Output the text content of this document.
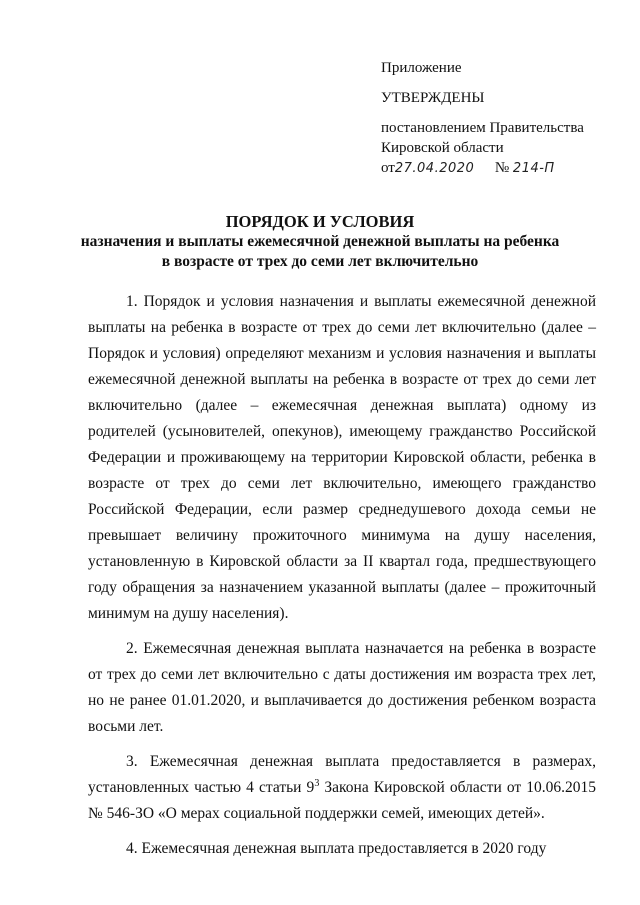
Приложение
УТВЕРЖДЕНЫ
постановлением Правительства
Кировской области
от27.04.2020 № 214-П
ПОРЯДОК И УСЛОВИЯ
назначения и выплаты ежемесячной денежной выплаты на ребенка
в возрасте от трех до семи лет включительно

1. Порядок и условия назначения и выплаты ежемесячной денежной выплаты на ребенка в возрасте от трех до семи лет включительно (далее – Порядок и условия) определяют механизм и условия назначения и выплаты ежемесячной денежной выплаты на ребенка в возрасте от трех до семи лет включительно (далее – ежемесячная денежная выплата) одному из родителей (усыновителей, опекунов), имеющему гражданство Российской Федерации и проживающему на территории Кировской области, ребенка в возрасте от трех до семи лет включительно, имеющего гражданство Российской Федерации, если размер среднедушевого дохода семьи не превышает величину прожиточного минимума на душу населения, установленную в Кировской области за II квартал года, предшествующего году обращения за назначением указанной выплаты (далее – прожиточный минимум на душу населения).

2. Ежемесячная денежная выплата назначается на ребенка в возрасте от трех до семи лет включительно с даты достижения им возраста трех лет, но не ранее 01.01.2020, и выплачивается до достижения ребенком возраста восьми лет.

3. Ежемесячная денежная выплата предоставляется в размерах, установленных частью 4 статьи $9^3$ Закона Кировской области от 10.06.2015 № 546-ЗО «О мерах социальной поддержки семей, имеющих детей».

4. Ежемесячная денежная выплата предоставляется в 2020 году
